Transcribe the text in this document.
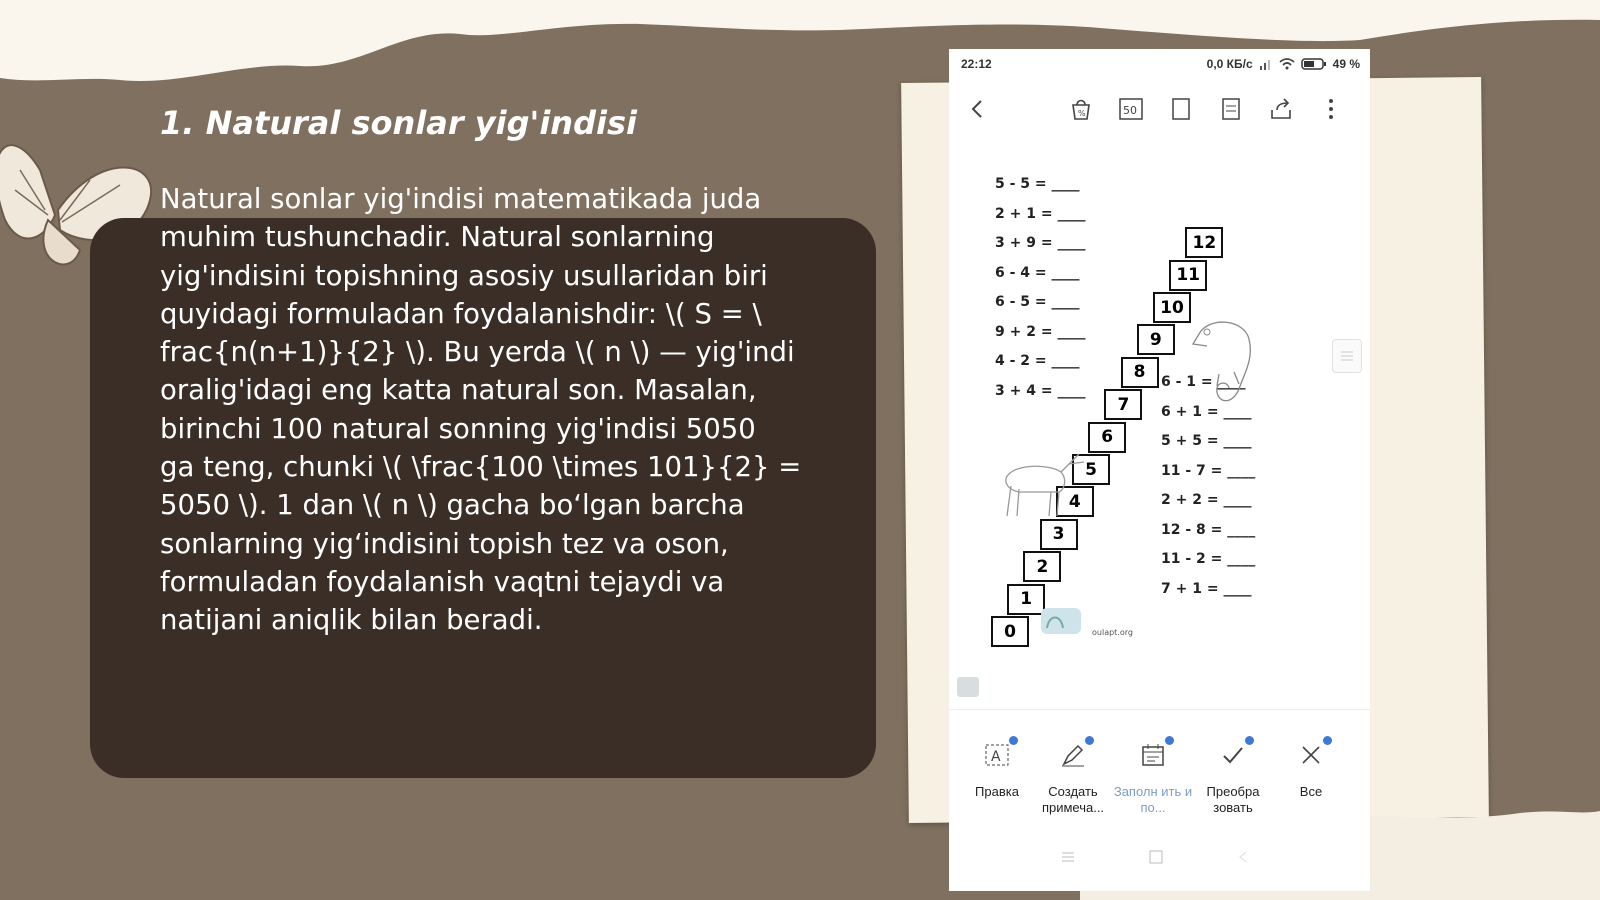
1. Natural sonlar yig'indisi

Natural sonlar yig'indisi matematikada juda
muhim tushunchadir. Natural sonlarning
yig'indisini topishning asosiy usullaridan biri
quyidagi formuladan foydalanishdir: \( S = \
frac{n(n+1)}{2} \). Bu yerda \( n \) — yig'indi
oralig'idagi eng katta natural son. Masalan,
birinchi 100 natural sonning yig'indisi 5050
ga teng, chunki \( \frac{100 \times 101}{2} =
5050 \). 1 dan \( n \) gacha bo‘lgan barcha
sonlarning yig‘indisini topish tez va oson,
formuladan foydalanish vaqtni tejaydi va
natijani aniqlik bilan beradi.

22:12	0,0 КБ/с	49 %
%	50
5 - 5 = ____
2 + 1 = ____
3 + 9 = ____
6 - 4 = ____
6 - 5 = ____
9 + 2 = ____
4 - 2 = ____
3 + 4 = ____
6 - 1 = ____
6 + 1 = ____
5 + 5 = ____
11 - 7 = ____
2 + 2 = ____
12 - 8 = ____
11 - 2 = ____
7 + 1 = ____
0
1
2
3
4
5
6
7
8
9
10
11
12
oulapt.org
A
Правка	Создать примеча...
Заполн ить и по...
Преобра зовать
Все
